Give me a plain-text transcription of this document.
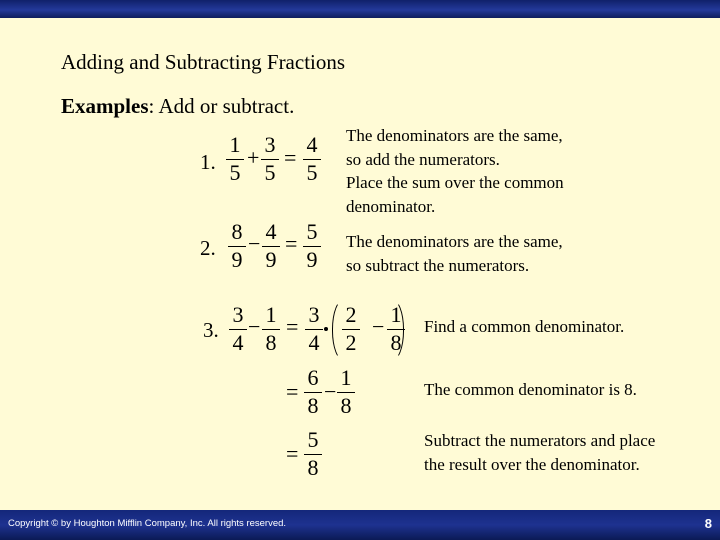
Adding and Subtracting Fractions
Examples: Add or subtract.
1.
1
5
+
3
5
=
4
5
2.
8
9
− 4
9
= 5
9
3.
3
4
− 1
8
= 3
4
2
2
− 1
8
=
6
8
−
1
8
=
5
8
The denominators are the same,
so add the numerators.
Place the sum over the common
denominator.
The denominators are the same,
so subtract the numerators.
Find a common denominator.
The common denominator is 8.
Subtract the numerators and place
the result over the denominator.
Copyright © by Houghton Mifflin Company, Inc. All rights reserved.	8
